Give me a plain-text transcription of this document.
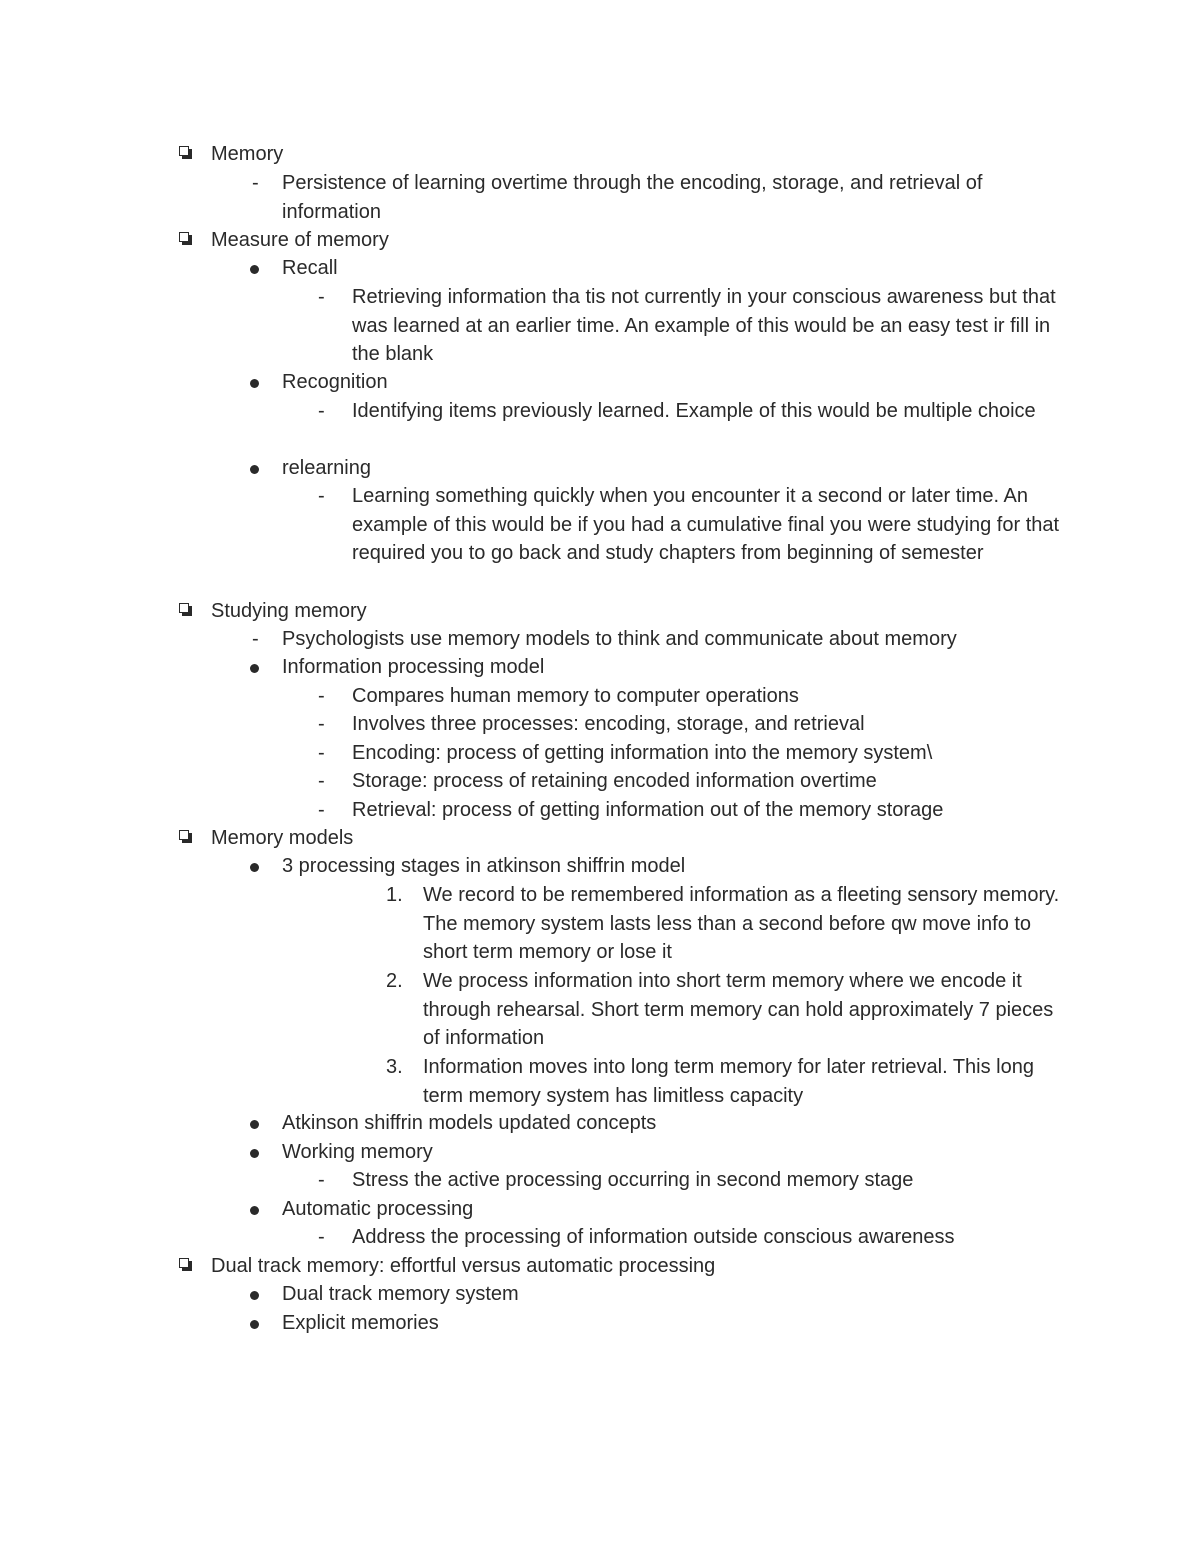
Memory
- Persistence of learning overtime through the encoding, storage, and retrieval of information
Measure of memory
Recall
- Retrieving information tha tis not currently in your conscious awareness but that was learned at an earlier time. An example of this would be an easy test ir fill in the blank
Recognition
- Identifying items previously learned. Example of this would be multiple choice
relearning
- Learning something quickly when you encounter it a second or later time. An example of this would be if you had a cumulative final you were studying for that required you to go back and study chapters from beginning of semester
Studying memory
- Psychologists use memory models to think and communicate about memory
Information processing model
- Compares human memory to computer operations
- Involves three processes: encoding, storage, and retrieval
- Encoding: process of getting information into the memory system\
- Storage: process of retaining encoded information overtime
- Retrieval: process of getting information out of the memory storage
Memory models
3 processing stages in atkinson shiffrin model
1. We record to be remembered information as a fleeting sensory memory. The memory system lasts less than a second before qw move info to short term memory or lose it
2. We process information into short term memory where we encode it through rehearsal. Short term memory can hold approximately 7 pieces of information
3. Information moves into long term memory for later retrieval. This long term memory system has limitless capacity
Atkinson shiffrin models updated concepts
Working memory
- Stress the active processing occurring in second memory stage
Automatic processing
- Address the processing of information outside conscious awareness
Dual track memory: effortful versus automatic processing
Dual track memory system
Explicit memories
